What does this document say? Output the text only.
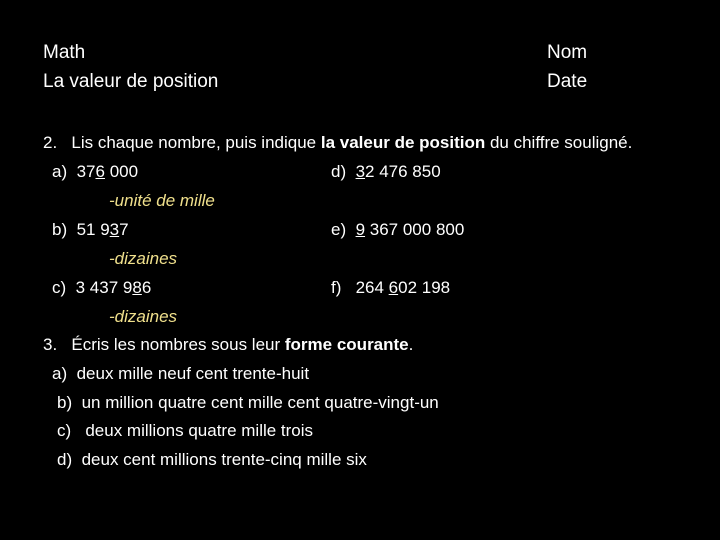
Math
La valeur de position
Nom
Date
2. Lis chaque nombre, puis indique la valeur de position du chiffre souligné.
a) 376 000
-unité de mille
b) 51 937
-dizaines
c) 3 437 986
-dizaines
d) 32 476 850
e) 9 367 000 800
f) 264 602 198
3. Écris les nombres sous leur forme courante.
a) deux mille neuf cent trente-huit
b) un million quatre cent mille cent quatre-vingt-un
c) deux millions quatre mille trois
d) deux cent millions trente-cinq mille six
